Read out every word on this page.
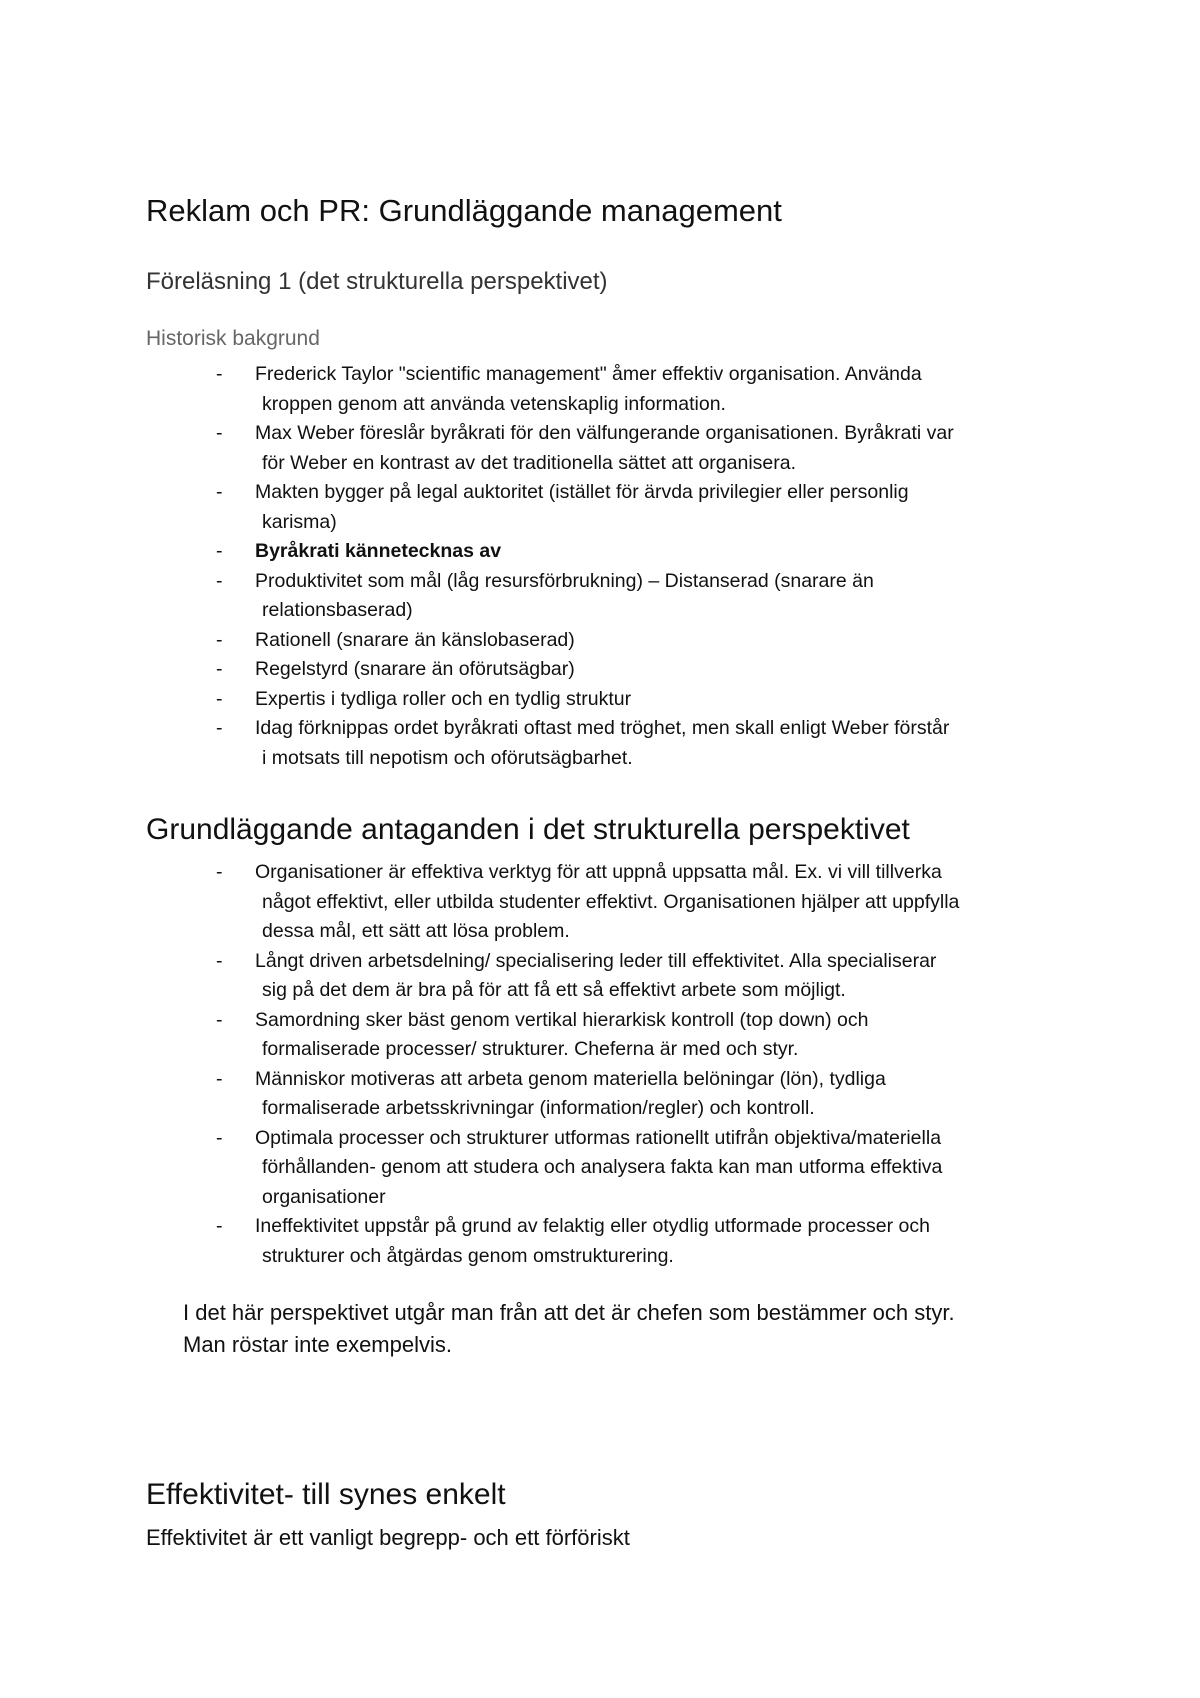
Reklam och PR: Grundläggande management
Föreläsning 1 (det strukturella perspektivet)
Historisk bakgrund
- Frederick Taylor "scientific management" åmer effektiv organisation. Använda
kroppen genom att använda vetenskaplig information.
- Max Weber föreslår byråkrati för den välfungerande organisationen. Byråkrati var
för Weber en kontrast av det traditionella sättet att organisera.
- Makten bygger på legal auktoritet (istället för ärvda privilegier eller personlig
karisma)
- Byråkrati kännetecknas av
- Produktivitet som mål (låg resursförbrukning) – Distanserad (snarare än
relationsbaserad)
- Rationell (snarare än känslobaserad)
- Regelstyrd (snarare än oförutsägbar)
- Expertis i tydliga roller och en tydlig struktur
- Idag förknippas ordet byråkrati oftast med tröghet, men skall enligt Weber förstår
i motsats till nepotism och oförutsägbarhet.
Grundläggande antaganden i det strukturella perspektivet
- Organisationer är effektiva verktyg för att uppnå uppsatta mål. Ex. vi vill tillverka
något effektivt, eller utbilda studenter effektivt. Organisationen hjälper att uppfylla
dessa mål, ett sätt att lösa problem.
- Långt driven arbetsdelning/ specialisering leder till effektivitet. Alla specialiserar
sig på det dem är bra på för att få ett så effektivt arbete som möjligt.
- Samordning sker bäst genom vertikal hierarkisk kontroll (top down) och
formaliserade processer/ strukturer. Cheferna är med och styr.
- Människor motiveras att arbeta genom materiella belöningar (lön), tydliga
formaliserade arbetsskrivningar (information/regler) och kontroll.
- Optimala processer och strukturer utformas rationellt utifrån objektiva/materiella
förhållanden- genom att studera och analysera fakta kan man utforma effektiva
organisationer
- Ineffektivitet uppstår på grund av felaktig eller otydlig utformade processer och
strukturer och åtgärdas genom omstrukturering.

I det här perspektivet utgår man från att det är chefen som bestämmer och styr.
Man röstar inte exempelvis.

Effektivitet- till synes enkelt

Effektivitet är ett vanligt begrepp- och ett förföriskt
